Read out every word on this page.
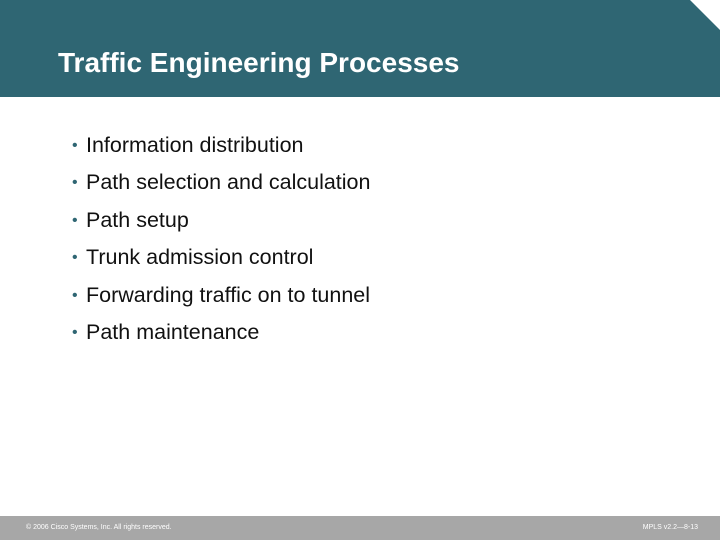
Traffic Engineering Processes
• Information distribution
• Path selection and calculation
• Path setup
• Trunk admission control
• Forwarding traffic on to tunnel
• Path maintenance
© 2006 Cisco Systems, Inc. All rights reserved.	MPLS v2.2—8-13
